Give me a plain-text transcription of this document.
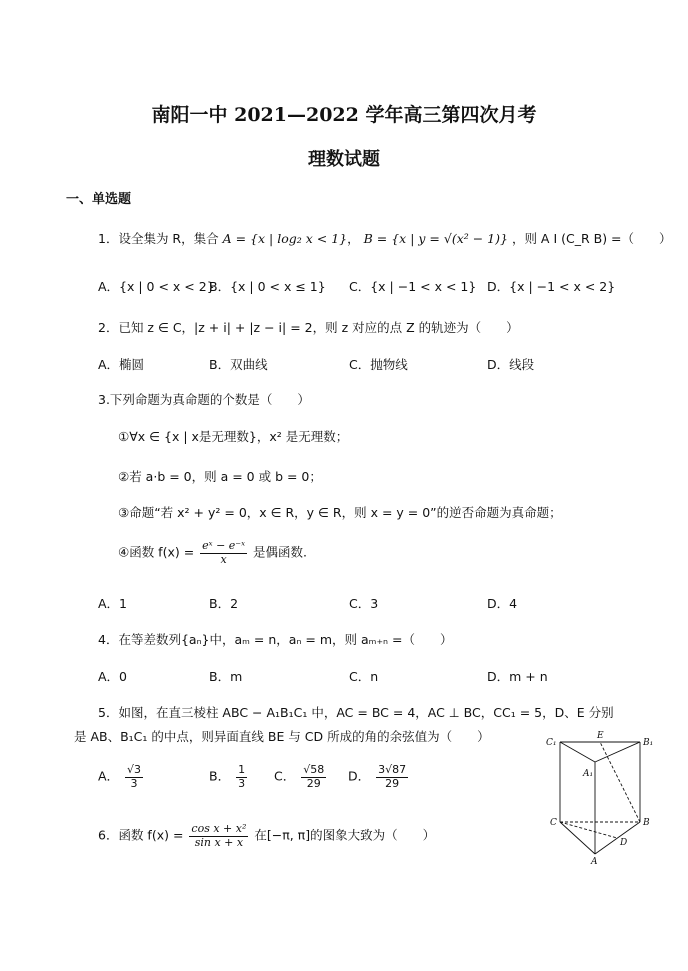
南阳一中 2021—2022 学年高三第四次月考
理数试题
一、单选题
1．设全集为 R，集合 A = {x | log₂ x < 1}， B = {x | y = √(x² − 1)} ，则 A I (C_R B) =（　　）
A．{x | 0 < x < 2}
B．{x | 0 < x ≤ 1} C．{x | −1 < x < 1} D．{x | −1 < x < 2}
2．已知 z ∈ C，|z + i| + |z − i| = 2，则 z 对应的点 Z 的轨迹为（　　）
A．椭圆	B．双曲线	C．抛物线	D．线段
3.下列命题为真命题的个数是（　　）
①∀x ∈ {x | x是无理数}，x² 是无理数；
②若 a·b = 0，则 a = 0 或 b = 0；
③命题“若 x² + y² = 0，x ∈ R，y ∈ R，则 x = y = 0”的逆否命题为真命题；
④函数 $f(x) = \frac{\text{eˣ − e⁻ˣ}}{x}$ 是偶函数.
A．1	B．2	C．3	D．4
4．在等差数列{aₙ}中，aₘ = n，aₙ = m，则 aₘ₊ₙ =（　　）
A．0	B．m	C．n	D．m + n
5．如图，在直三棱柱 ABC − A₁B₁C₁ 中，AC = BC = 4，AC ⊥ BC，CC₁ = 5，D、E 分别
是 AB、B₁C₁ 的中点，则异面直线 BE 与 CD 所成的角的余弦值为（　　）
A． $\frac{√3}{3}$	B． $\frac{1}{3}$ C． $\frac{√58}{29}$ D． $\frac{3√87}{29}$
C₁
E
B₁
A₁
C	B
D
A
6．函数 $f(x) = \frac{\text{cos x + x²}}{\text{sin x + x}}$ 在[−π, π]的图象大致为（　　）
